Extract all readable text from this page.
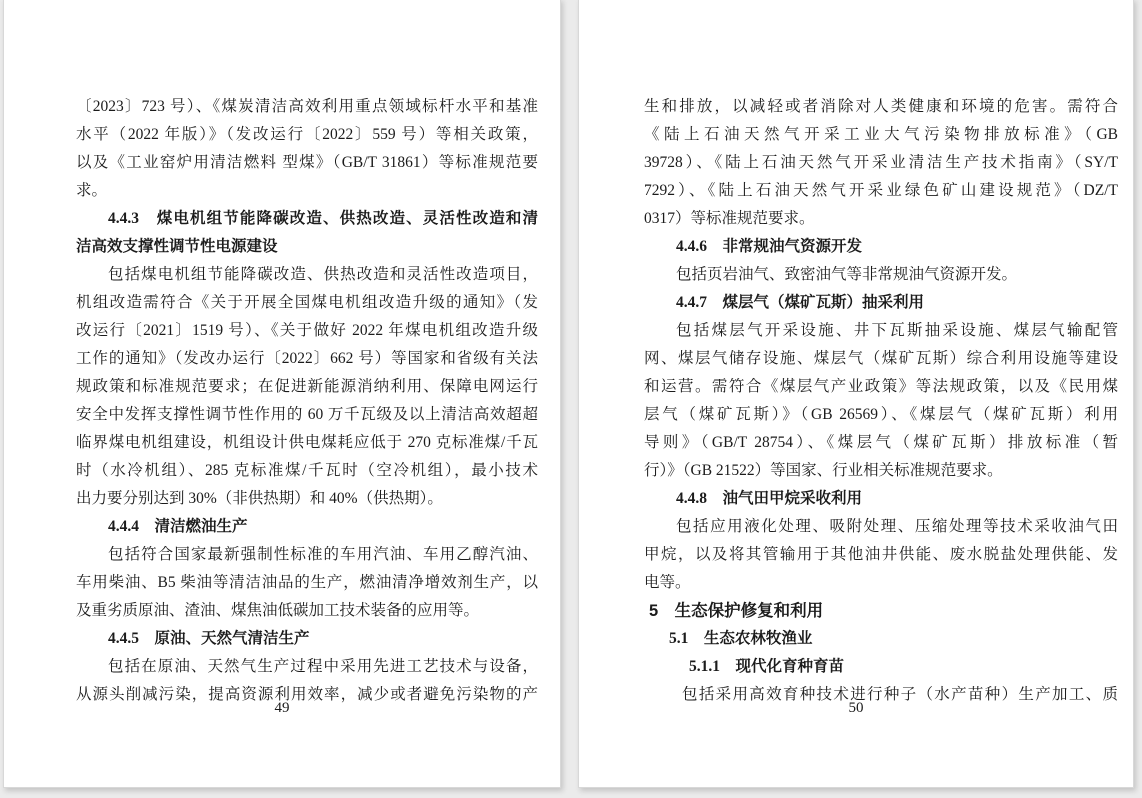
〔2023〕723 号）、《煤炭清洁高效利用重点领域标杆水平和基准
水平（2022 年版）》（发改运行〔2022〕559 号）等相关政策，
以及《工业窑炉用清洁燃料 型煤》（GB/T 31861）等标准规范要
求。
4.4.3　煤电机组节能降碳改造、供热改造、灵活性改造和清
洁高效支撑性调节性电源建设
包括煤电机组节能降碳改造、供热改造和灵活性改造项目，
机组改造需符合《关于开展全国煤电机组改造升级的通知》（发
改运行〔2021〕1519 号）、《关于做好 2022 年煤电机组改造升级
工作的通知》（发改办运行〔2022〕662 号）等国家和省级有关法
规政策和标准规范要求；在促进新能源消纳利用、保障电网运行
安全中发挥支撑性调节性作用的 60 万千瓦级及以上清洁高效超超
临界煤电机组建设，机组设计供电煤耗应低于 270 克标准煤/千瓦
时（水冷机组）、285 克标准煤/千瓦时（空冷机组），最小技术
出力要分别达到 30%（非供热期）和 40%（供热期）。
4.4.4　清洁燃油生产
包括符合国家最新强制性标准的车用汽油、车用乙醇汽油、
车用柴油、B5 柴油等清洁油品的生产，燃油清净增效剂生产，以
及重劣质原油、渣油、煤焦油低碳加工技术装备的应用等。
4.4.5　原油、天然气清洁生产
包括在原油、天然气生产过程中采用先进工艺技术与设备，
从源头削减污染，提高资源利用效率，减少或者避免污染物的产
49
生和排放，以减轻或者消除对人类健康和环境的危害。需符合
《陆上石油天然气开采工业大气污染物排放标准》（GB
39728）、《陆上石油天然气开采业清洁生产技术指南》（SY/T
7292）、《陆上石油天然气开采业绿色矿山建设规范》（DZ/T
0317）等标准规范要求。
4.4.6　非常规油气资源开发
包括页岩油气、致密油气等非常规油气资源开发。
4.4.7　煤层气（煤矿瓦斯）抽采利用
包括煤层气开采设施、井下瓦斯抽采设施、煤层气输配管
网、煤层气储存设施、煤层气（煤矿瓦斯）综合利用设施等建设
和运营。需符合《煤层气产业政策》等法规政策，以及《民用煤
层气（煤矿瓦斯）》（GB 26569）、《煤层气（煤矿瓦斯）利用
导则》（GB/T 28754）、《煤层气（煤矿瓦斯）排放标准（暂
行）》（GB 21522）等国家、行业相关标准规范要求。
4.4.8　油气田甲烷采收利用
包括应用液化处理、吸附处理、压缩处理等技术采收油气田
甲烷，以及将其管输用于其他油井供能、废水脱盐处理供能、发
电等。
5　生态保护修复和利用
5.1　生态农林牧渔业
5.1.1　现代化育种育苗
包括采用高效育种技术进行种子（水产苗种）生产加工、质
50
